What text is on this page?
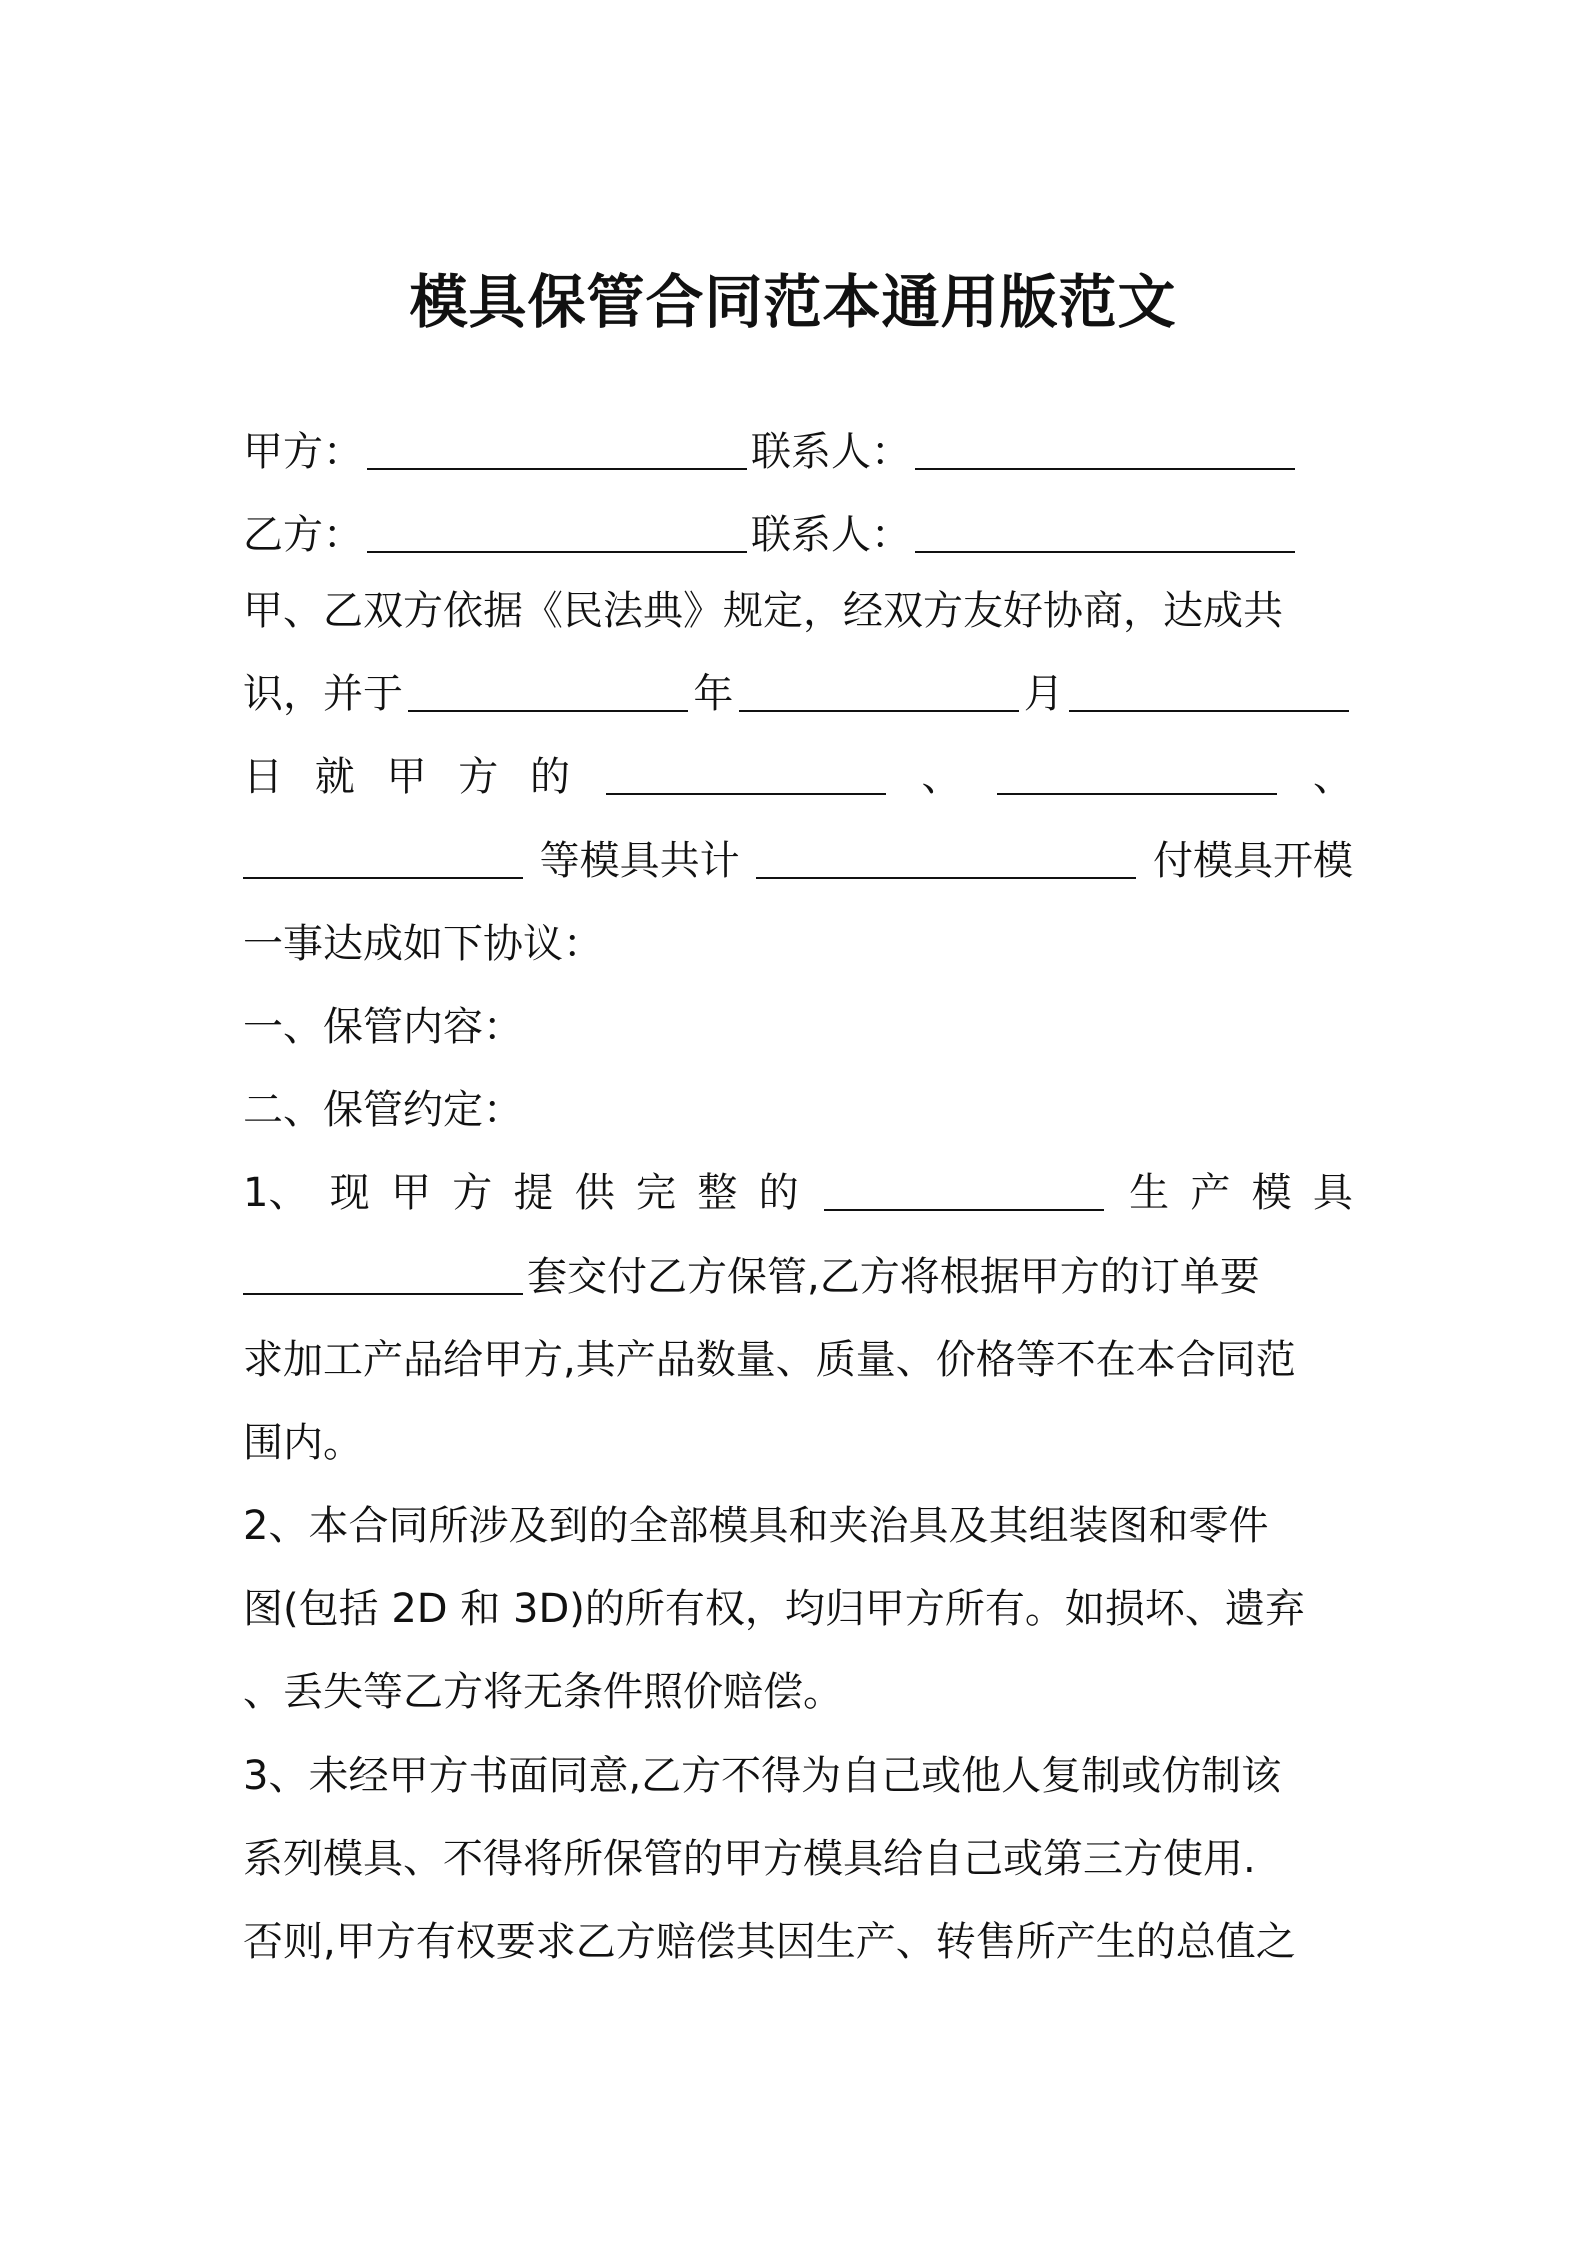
模具保管合同范本通用版范文
甲方：	联系人：
乙方：	联系人：
甲、乙双方依据《民法典》规定，经双方友好协商，达成共
识，并于	年	月
日 就 甲 方 的	、	、
等模具共计	付模具开模
一事达成如下协议：
一、保管内容：
二、保管约定：
1、 现 甲 方 提 供 完 整 的	生 产 模 具
套交付乙方保管,乙方将根据甲方的订单要
求加工产品给甲方,其产品数量、质量、价格等不在本合同范
围内。
2、本合同所涉及到的全部模具和夹治具及其组装图和零件
图(包括 2D 和 3D)的所有权，均归甲方所有。如损坏、遗弃
、丢失等乙方将无条件照价赔偿。
3、未经甲方书面同意,乙方不得为自己或他人复制或仿制该
系列模具、不得将所保管的甲方模具给自己或第三方使用.
否则,甲方有权要求乙方赔偿其因生产、转售所产生的总值之
